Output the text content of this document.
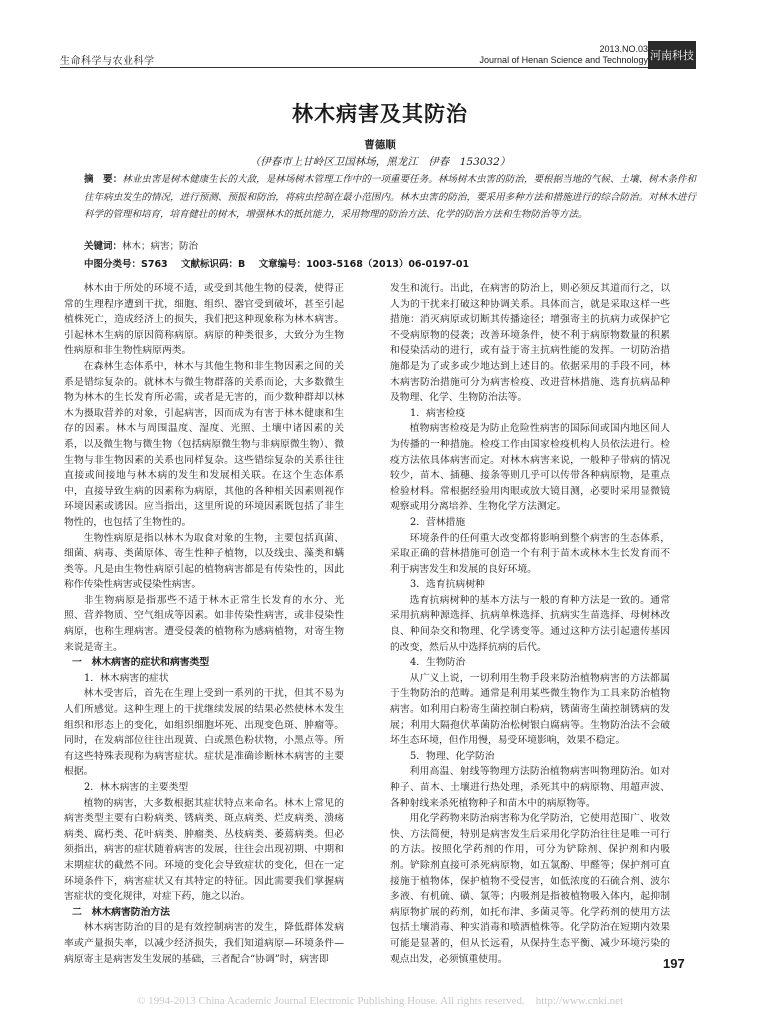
生命科学与农业科学
2013.NO.03
Journal of Henan Science and Technology 河南科技
林木病害及其防治
曹德顺
（伊春市上甘岭区卫国林场，黑龙江　伊春　153032）
摘　要：林业虫害是树木健康生长的大敌，是林场树木管理工作中的一项重要任务。林场树木虫害的防治，要根据当地的气候、土壤、树木条件和往年病虫发生的情况，进行预测、预报和防治，将病虫控制在最小范围内。林木虫害的防治，要采用多种方法和措施进行的综合防治。对林木进行科学的管理和培育，培育健壮的树木，增强林木的抵抗能力，采用物理的防治方法、化学的防治方法和生物防治等方法。
关键词：林木；病害；防治
中图分类号：S763 文献标识码：B 文章编号：1003-5168（2013）06-0197-01

林木由于所处的环境不适，或受到其他生物的侵袭，使得正常的生理程序遭到干扰，细胞、组织、器官受到破坏，甚至引起植株死亡，造成经济上的损失，我们把这种现象称为林木病害。引起林木生病的原因简称病原。病原的种类很多，大致分为生物性病原和非生物性病原两类。

在森林生态体系中，林木与其他生物和非生物因素之间的关系是错综复杂的。就林木与微生物群落的关系而论，大多数微生物为林木的生长发育所必需，或者是无害的，而少数种群却以林木为摄取营养的对象，引起病害，因而成为有害于林木健康和生存的因素。林木与周围温度、湿度、光照、土壤中诸因素的关系，以及微生物与微生物（包括病原微生物与非病原微生物）、微生物与非生物因素的关系也同样复杂。这些错综复杂的关系往往直接或间接地与林木病的发生和发展相关联。在这个生态体系中，直接导致生病的因素称为病原，其他的各种相关因素则视作环境因素或诱因。应当指出，这里所说的环境因素既包括了非生物性的，也包括了生物性的。

生物性病原是指以林木为取食对象的生物，主要包括真菌、细菌、病毒、类菌原体、寄生性种子植物，以及线虫、藻类和螨类等。凡是由生物性病原引起的植物病害都是有传染性的，因此称作传染性病害或侵染性病害。

非生物病原是指那些不适于林木正常生长发育的水分、光照、营养物质、空气组成等因素。如非传染性病害，或非侵染性病原，也称生理病害。遭受侵袭的植物称为感病植物，对寄生物来说是寄主。

一　林木病害的症状和病害类型
1．林木病害的症状

林木受害后，首先在生理上受到一系列的干扰，但其不易为人们所感觉。这种生理上的干扰继续发展的结果必然使林木发生组织和形态上的变化，如组织细胞坏死、出现变色斑、肿瘤等。同时，在发病部位往往出现黄、白或黑色粉状物，小黑点等。所有这些特殊表现称为病害症状。症状是准确诊断林木病害的主要根据。

2．林木病害的主要类型

植物的病害，大多数根据其症状特点来命名。林木上常见的病害类型主要有白粉病类、锈病类、斑点病类、烂皮病类、溃疡病类、腐朽类、花叶病类、肿瘤类、丛枝病类、萎蔫病类。但必须指出，病害的症状随着病害的发展，往往会出现初期、中期和末期症状的截然不同。环境的变化会导致症状的变化，但在一定环境条件下，病害症状又有其特定的特征。因此需要我们掌握病害症状的变化规律，对症下药，施之以治。

二　林木病害防治方法

林木病害防治的目的是有效控制病害的发生，降低群体发病率或产量损失率，以减少经济损失，我们知道病原—环境条件—病原寄主是病害发生发展的基础，三者配合“协调”时，病害即

发生和流行。出此，在病害的防治上，则必须反其道而行之，以人为的干扰来打破这种协调关系。具体而言，就是采取这样一些措施：消灭病原或切断其传播途径；增强寄主的抗病力或保护它不受病原物的侵袭；改善环境条件，使不利于病原物数量的积累和侵染活动的进行，或有益于寄主抗病性能的发挥。一切防治措施都是为了或多或少地达到上述目的。依据采用的手段不同，林木病害防治措施可分为病害检疫、改进营林措施、选育抗病品种及物理、化学、生物防治法等。

1．病害检疫

植物病害检疫是为防止危险性病害的国际间或国内地区间人为传播的一种措施。检疫工作由国家检疫机构人员依法进行。检疫方法依具体病害而定。对林木病害来说，一般种子带病的情况较少，苗木、插穗、接条等则几乎可以传带各种病原物，是重点检验材料。常根据经验用肉眼或放大镜目测，必要时采用显微镜观察或用分离培养、生物化学方法测定。

2．营林措施

环境条件的任何重大改变都将影响到整个病害的生态体系，采取正确的营林措施可创造一个有利于苗木或林木生长发育而不利于病害发生和发展的良好环境。

3．选育抗病树种

选育抗病树种的基本方法与一般的育种方法是一致的。通常采用抗病种源选择、抗病单株选择、抗病实生苗选择、母树林改良、种间杂交和物理、化学诱变等。通过这种方法引起遗传基因的改变，然后从中选择抗病的后代。

4．生物防治

从广义上说，一切利用生物手段来防治植物病害的方法都属于生物防治的范畴。通常是利用某些微生物作为工具来防治植物病害。如利用白粉寄生菌控制白粉病，锈菌寄生菌控制锈病的发展；利用大隔孢伏革菌防治松树银白腐病等。生物防治法不会破坏生态环境，但作用慢，易受环境影响，效果不稳定。

5．物理、化学防治

利用高温、射线等物理方法防治植物病害叫物理防治。如对种子、苗木、土壤进行热处理，杀死其中的病原物、用超声波、各种射线来杀死植物种子和苗木中的病原物等。

用化学药物来防治病害称为化学防治，它使用范围广、收效快、方法简便，特别是病害发生后采用化学防治往往是唯一可行的方法。按照化学药剂的作用，可分为铲除剂、保护剂和内吸剂。铲除剂直接可杀死病原物，如五氯酚、甲醛等；保护剂可直接施于植物体，保护植物不受侵害，如低浓度的石硫合剂、波尔多液、有机硫、磺、氯等；内吸剂是指被植物吸入体内，起抑制病原物扩展的药剂，如托布津、多菌灵等。化学药剂的使用方法包括土壤消毒、种实消毒和喷洒植株等。化学防治在短期内效果可能是显著的，但从长远看，从保持生态平衡、减少环境污染的观点出发，必须慎重使用。	197
© 1994-2013 China Academic Journal Electronic Publishing House. All rights reserved.　http://www.cnki.net
